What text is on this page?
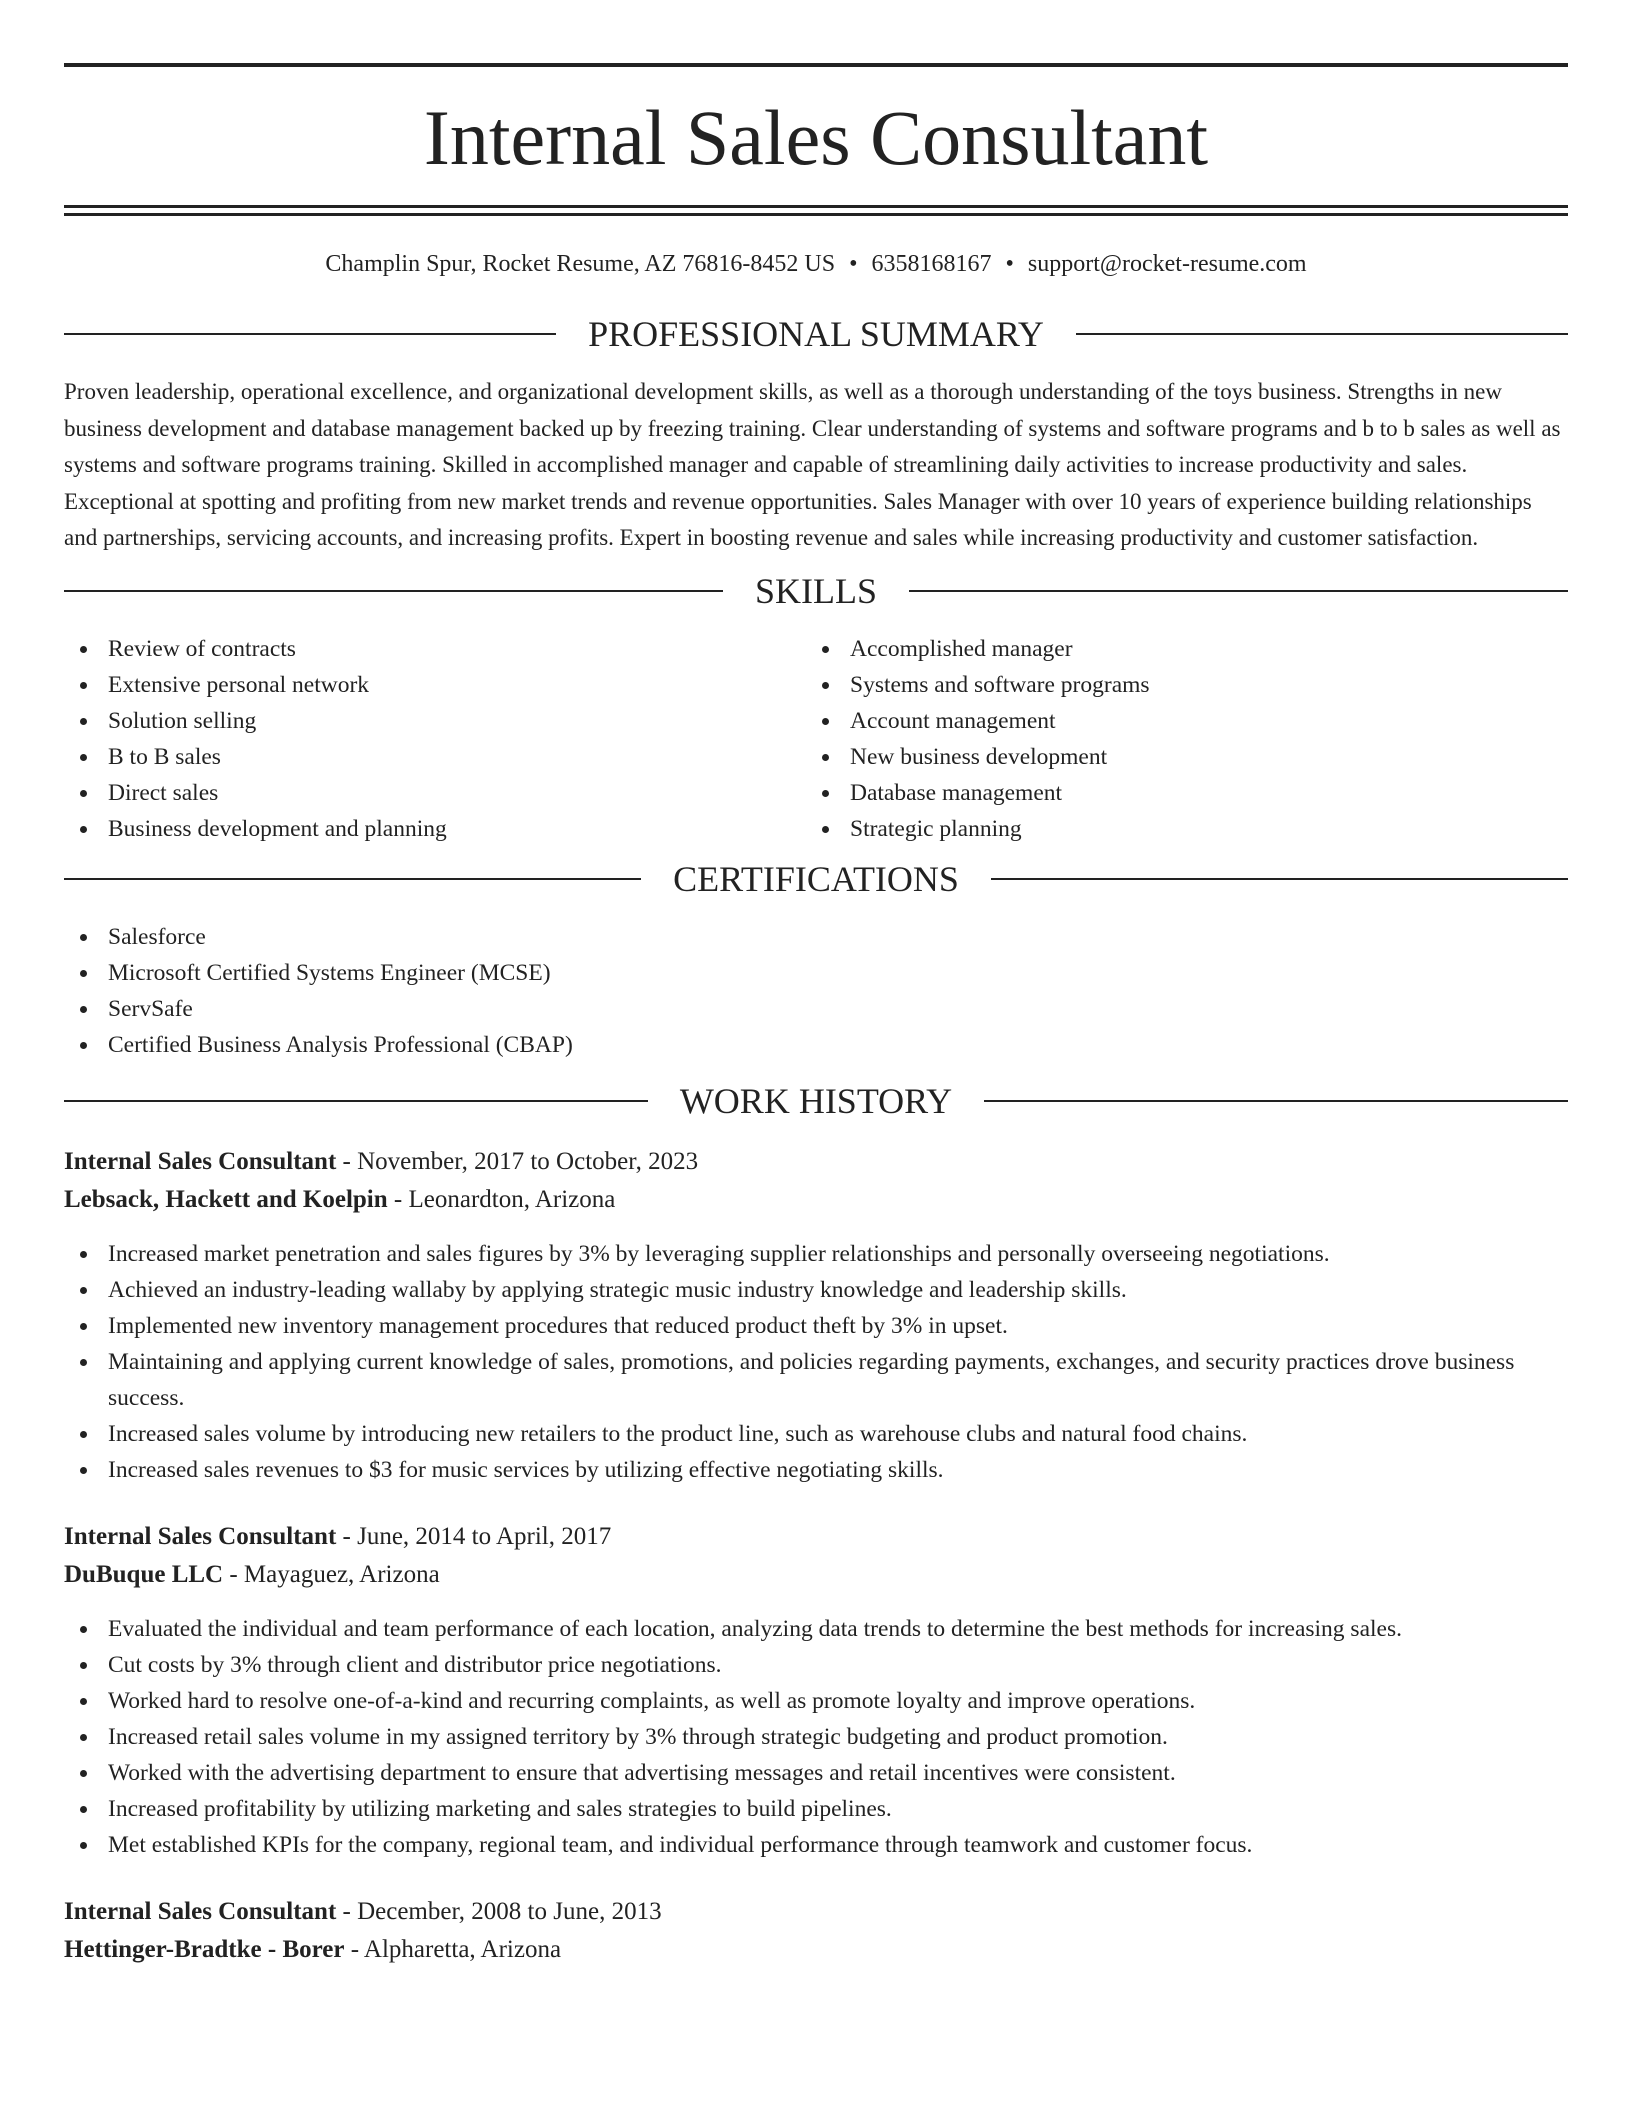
Internal Sales Consultant
Champlin Spur, Rocket Resume, AZ 76816-8452 US • 6358168167 • support@rocket-resume.com
PROFESSIONAL SUMMARY

Proven leadership, operational excellence, and organizational development skills, as well as a thorough understanding of the toys business. Strengths in new business development and database management backed up by freezing training. Clear understanding of systems and software programs and b to b sales as well as systems and software programs training. Skilled in accomplished manager and capable of streamlining daily activities to increase productivity and sales. Exceptional at spotting and profiting from new market trends and revenue opportunities. Sales Manager with over 10 years of experience building relationships and partnerships, servicing accounts, and increasing profits. Expert in boosting revenue and sales while increasing productivity and customer satisfaction.

SKILLS
Review of contracts
Extensive personal network
Solution selling
B to B sales
Direct sales
Business development and planning
Accomplished manager
Systems and software programs
Account management
New business development
Database management
Strategic planning
CERTIFICATIONS
Salesforce
Microsoft Certified Systems Engineer (MCSE)
ServSafe
Certified Business Analysis Professional (CBAP)
WORK HISTORY
Internal Sales Consultant - November, 2017 to October, 2023
Lebsack, Hackett and Koelpin - Leonardton, Arizona
Increased market penetration and sales figures by 3% by leveraging supplier relationships and personally overseeing negotiations.
Achieved an industry-leading wallaby by applying strategic music industry knowledge and leadership skills.
Implemented new inventory management procedures that reduced product theft by 3% in upset.
Maintaining and applying current knowledge of sales, promotions, and policies regarding payments, exchanges, and security practices drove business success.
Increased sales volume by introducing new retailers to the product line, such as warehouse clubs and natural food chains.
Increased sales revenues to $3 for music services by utilizing effective negotiating skills.
Internal Sales Consultant - June, 2014 to April, 2017
DuBuque LLC - Mayaguez, Arizona
Evaluated the individual and team performance of each location, analyzing data trends to determine the best methods for increasing sales.
Cut costs by 3% through client and distributor price negotiations.
Worked hard to resolve one-of-a-kind and recurring complaints, as well as promote loyalty and improve operations.
Increased retail sales volume in my assigned territory by 3% through strategic budgeting and product promotion.
Worked with the advertising department to ensure that advertising messages and retail incentives were consistent.
Increased profitability by utilizing marketing and sales strategies to build pipelines.
Met established KPIs for the company, regional team, and individual performance through teamwork and customer focus.
Internal Sales Consultant - December, 2008 to June, 2013
Hettinger-Bradtke - Borer - Alpharetta, Arizona
